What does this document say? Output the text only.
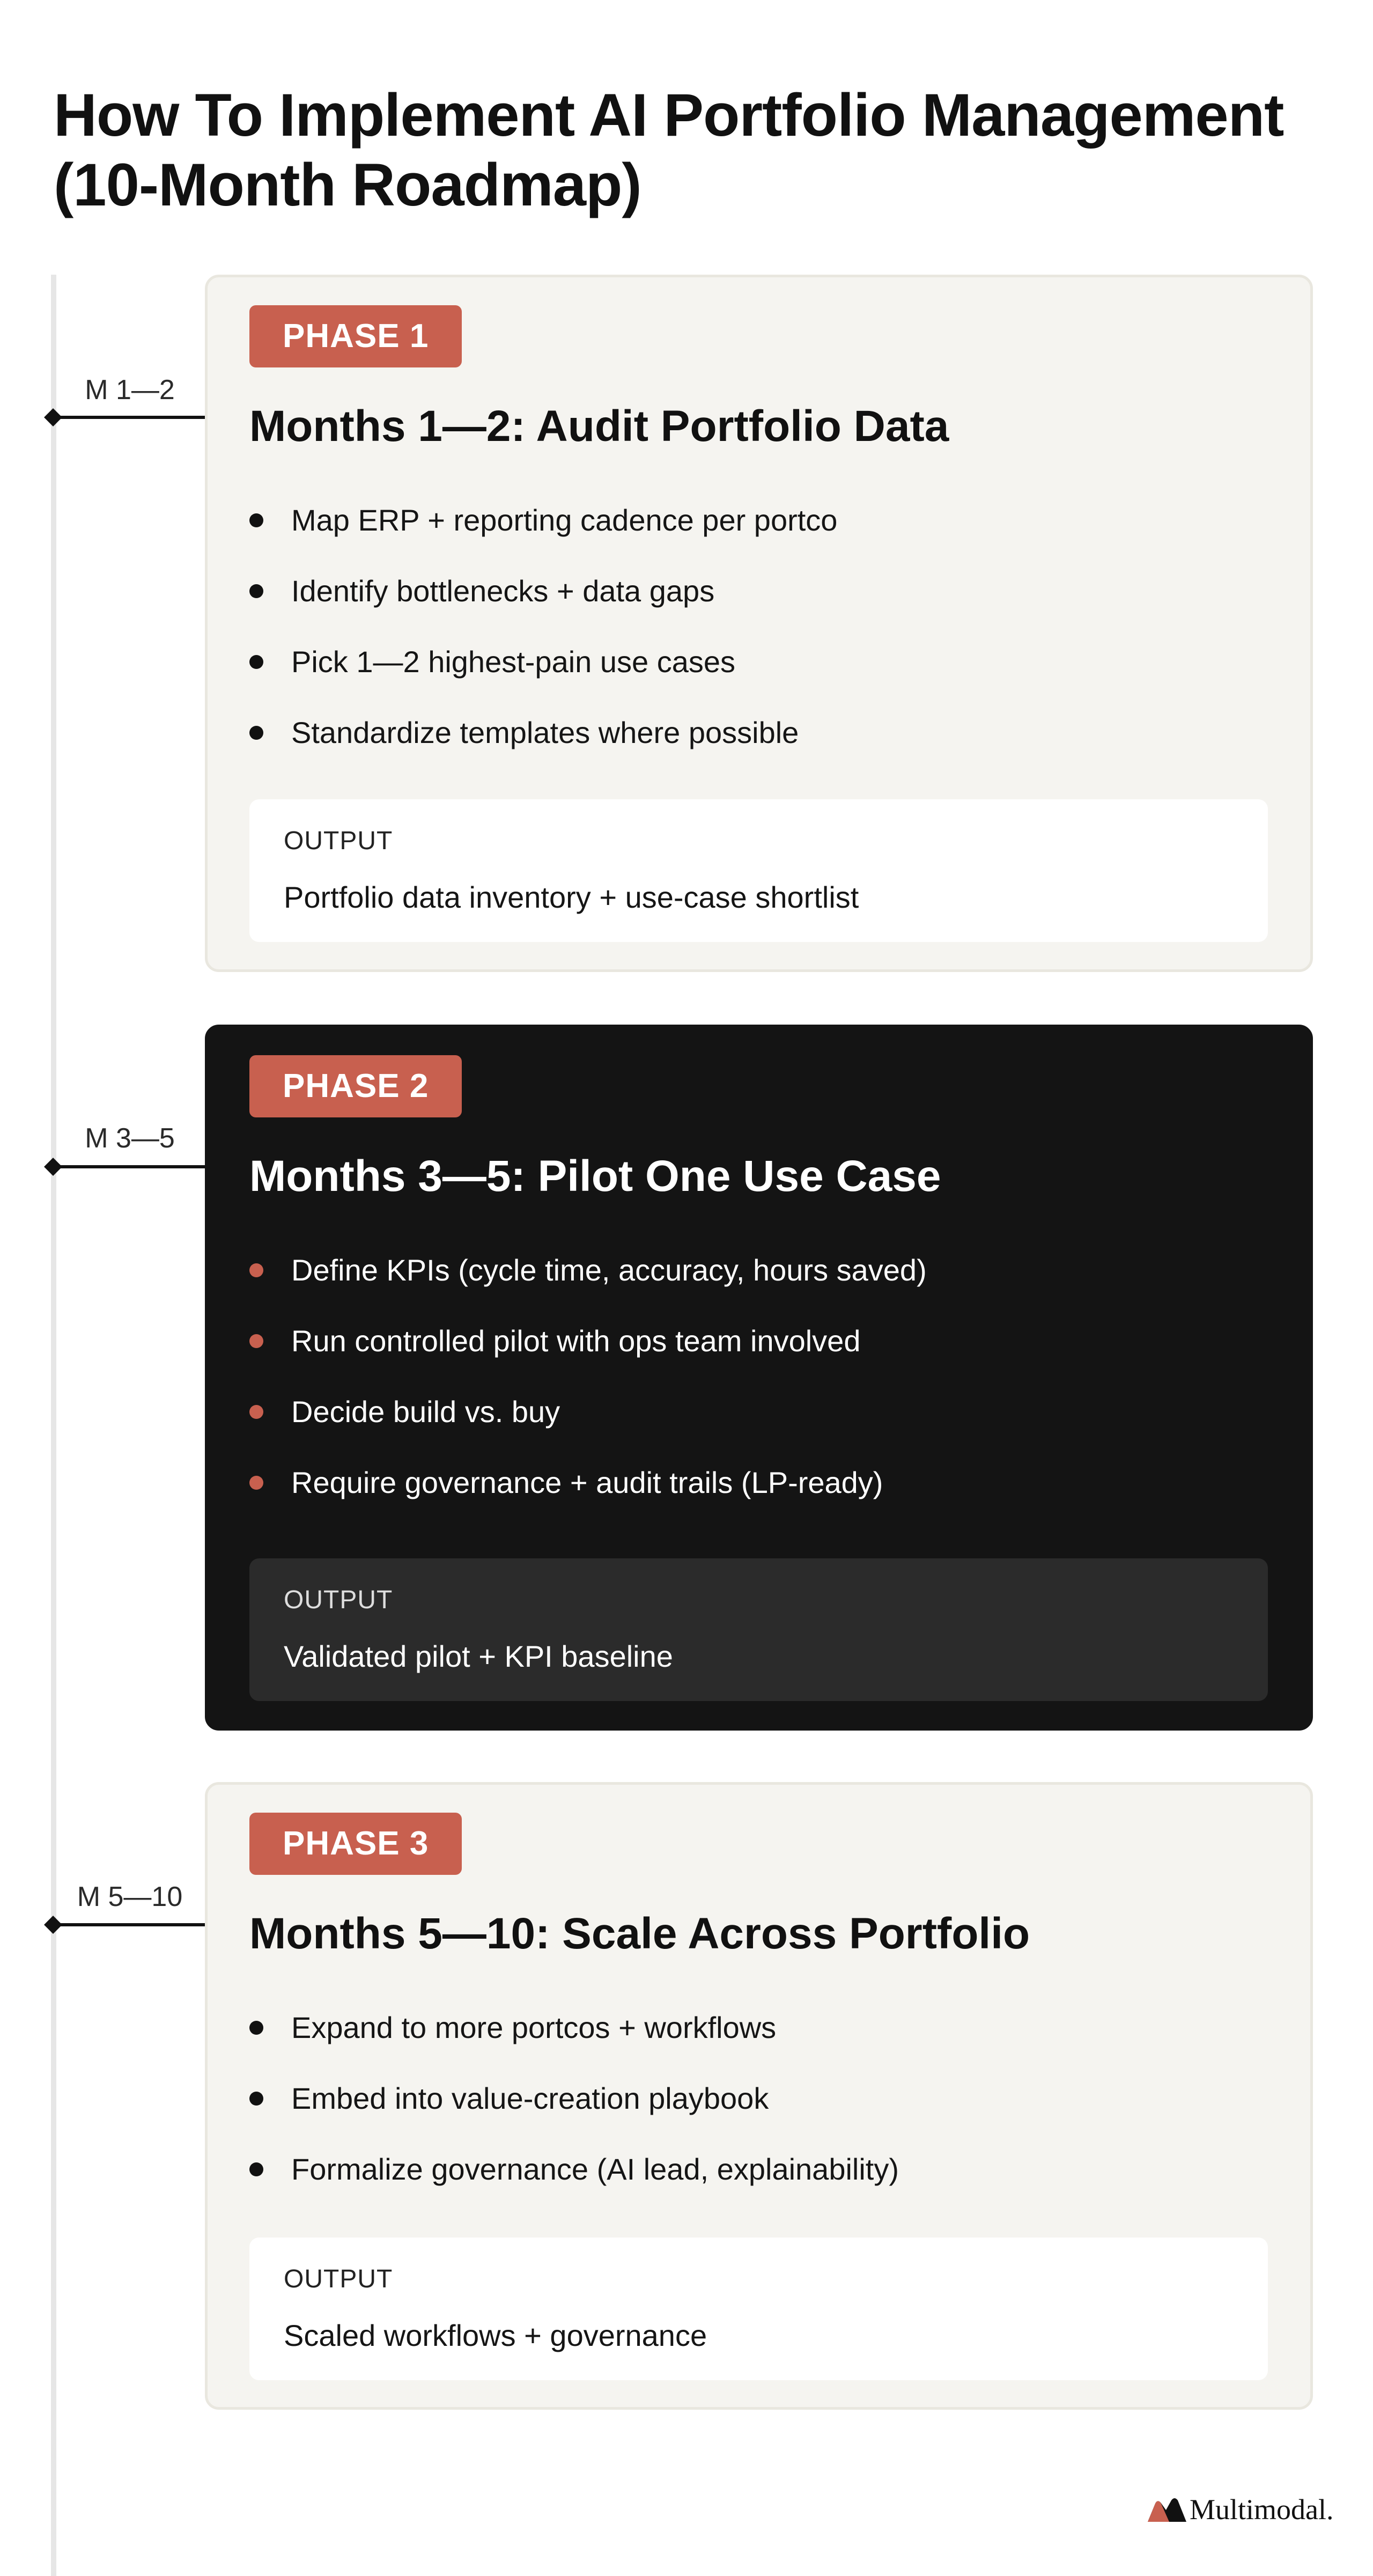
How To Implement AI Portfolio Management (10-Month Roadmap)
M 1—2
PHASE 1
Months 1—2: Audit Portfolio Data
Map ERP + reporting cadence per portco
Identify bottlenecks + data gaps
Pick 1—2 highest-pain use cases
Standardize templates where possible
OUTPUT
Portfolio data inventory + use-case shortlist
M 3—5
PHASE 2
Months 3—5: Pilot One Use Case
Define KPIs (cycle time, accuracy, hours saved)
Run controlled pilot with ops team involved
Decide build vs. buy
Require governance + audit trails (LP-ready)
OUTPUT
Validated pilot + KPI baseline
M 5—10
PHASE 3
Months 5—10: Scale Across Portfolio
Expand to more portcos + workflows
Embed into value-creation playbook
Formalize governance (AI lead, explainability)
OUTPUT
Scaled workflows + governance
Multimodal.
